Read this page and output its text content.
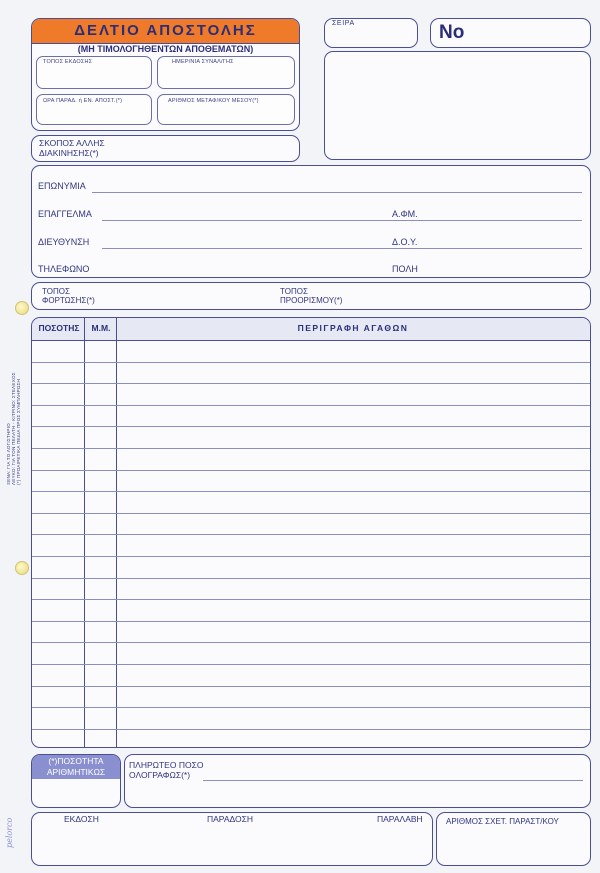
ΔΕΛΤΙΟ ΑΠΟΣΤΟΛΗΣ
(ΜΗ ΤΙΜΟΛΟΓΗΘΕΝΤΩΝ ΑΠΟΘΕΜΑΤΩΝ)
ΤΟΠΟΣ ΕΚΔΟΣΗΣ	ΗΜΕΡ/ΝΙΑ ΣΥΝΑΛ/ΓΗΣ
ΩΡΑ ΠΑΡΑΔ. ή ΕΝ. ΑΠΟΣΤ.(*)	ΑΡΙΘΜΟΣ ΜΕΤΑΦ/ΚΟΥ ΜΕΣΟΥ(*)
ΣΕΙΡΑ	No
ΣΚΟΠΟΣ ΑΛΛΗΣ ΔΙΑΚΙΝΗΣΗΣ(*)
ΕΠΩΝΥΜΙΑ
ΕΠΑΓΓΕΛΜΑ	Α.ΦΜ.
ΔΙΕΥΘΥΝΣΗ	Δ.Ο.Υ.
ΤΗΛΕΦΩΝΟ	ΠΟΛΗ
ΤΟΠΟΣ
ΦΟΡΤΩΣΗΣ(*)
ΤΟΠΟΣ
ΠΡΟΟΡΙΣΜΟΥ(*)
ΠΟΣΟΤΗΣ	Μ.Μ.	ΠΕΡΙΓΡΑΦΗ ΑΓΑΘΩΝ
(*)ΠΟΣΟΤΗΤΑ
ΑΡΙΘΜΗΤΙΚΩΣ
ΠΛΗΡΩΤΕΟ ΠΟΣΟ
ΟΛΟΓΡΑΦΩΣ(*)
ΕΚΔΟΣΗ	ΠΑΡΑΔΟΣΗ	ΠΑΡΑΛΑΒΗ	ΑΡΙΘΜΟΣ ΣΧΕΤ. ΠΑΡΑΣΤ/ΚΟΥ
pelorco
ΞΕΝΑ: ΓΙΑ ΤΟ ΛΟΓΙΣΤΗΡΙΟ ΛΕΥΚΟ: ΓΙΑ ΤΟΝ ΠΕΛΑΤΗ - ΚΙΤΡΙΝΟ: ΣΤΕΛΕΧΟΣ (*) ΠΡΟΑΙΡΕΤΙΚΑ ΠΕΔΙΑ ΠΡΟΣ ΣΥΜΠΛΗΡΩΣΗ
